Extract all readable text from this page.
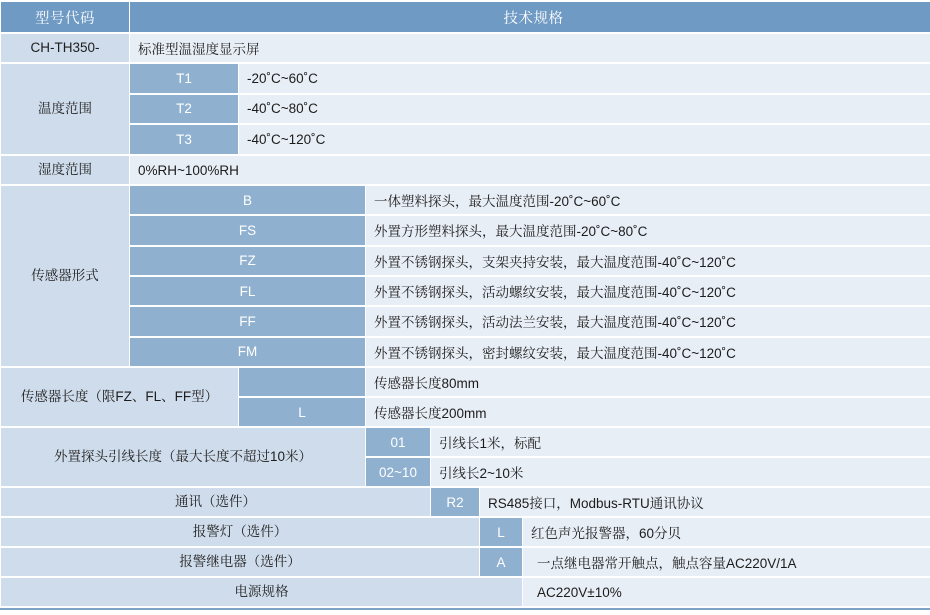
型号代码	技术规格					

CH-TH350-	标准型温湿度显示屏					

温度范围	T1	-20˚C~60˚C				

T2	-40˚C~80˚C				

T3	-40˚C~120˚C				

湿度范围	0%RH~100%RH					

传感器形式	B		一体塑料探头，最大温度范围-20˚C~60˚C			

FS		外置方形塑料探头，最大温度范围-20˚C~80˚C			

FZ		外置不锈钢探头，支架夹持安装，最大温度范围-40˚C~120˚C			

FL		外置不锈钢探头，活动螺纹安装，最大温度范围-40˚C~120˚C			

FF		外置不锈钢探头，活动法兰安装，最大温度范围-40˚C~120˚C			

FM		外置不锈钢探头，密封螺纹安装，最大温度范围-40˚C~120˚C			

传感器长度（限FZ、FL、FF型）			传感器长度80mm			

L	传感器长度200mm			

外置探头引线长度（最大长度不超过10米）			01	引线长1米，标配		

02~10	引线长2~10米		

通讯（选件）				R2	RS485接口，Modbus-RTU通讯协议	

报警灯（选件）					L	红色声光报警器，60分贝

报警继电器（选件）					A	一点继电器常开触点，触点容量AC220V/1A

电源规格						AC220V±10%
